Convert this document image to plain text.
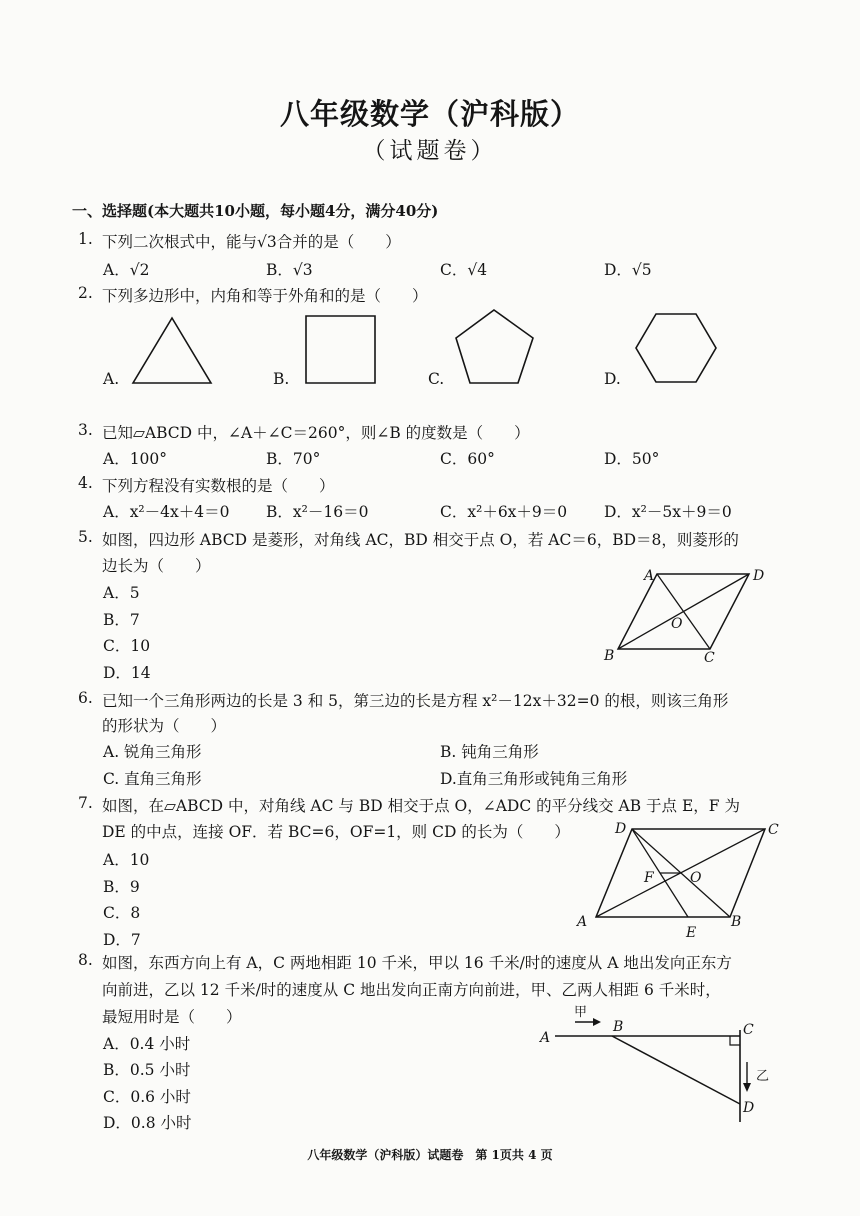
八年级数学（沪科版）
（试题卷）
一、选择题(本大题共10小题，每小题4分，满分40分)
1. 下列二次根式中，能与√3合并的是（　　）
A．√2	B．√3	C．√4	D．√5
2. 下列多边形中，内角和等于外角和的是（　　）
A.	B.	C.	D.
3. 已知▱ABCD 中，∠A＋∠C＝260°，则∠B 的度数是（　　）
A．100°	B．70°	C．60°	D．50°
4. 下列方程没有实数根的是（　　）
A．x²－4x＋4＝0 B．x²－16＝0	C．x²＋6x＋9＝0 D．x²－5x＋9＝0
5. 如图，四边形 ABCD 是菱形，对角线 AC，BD 相交于点 O，若 AC＝6，BD＝8，则菱形的
边长为（　　）
A．5
B．7
C．10
D．14
A	D
O
B	C
6. 已知一个三角形两边的长是 3 和 5，第三边的长是方程 x²－12x＋32=0 的根，则该三角形
的形状为（　　）
A. 锐角三角形	B. 钝角三角形
C. 直角三角形	D.直角三角形或钝角三角形
7. 如图，在▱ABCD 中，对角线 AC 与 BD 相交于点 O，∠ADC 的平分线交 AB 于点 E，F 为
DE 的中点，连接 OF．若 BC=6，OF=1，则 CD 的长为（　　）
A．10
B．9
C．8
D．7
D	C
F	O
A
E
B
8. 如图，东西方向上有 A，C 两地相距 10 千米，甲以 16 千米/时的速度从 A 地出发向正东方
向前进，乙以 12 千米/时的速度从 C 地出发向正南方向前进，甲、乙两人相距 6 千米时，
最短用时是（　　）
A．0.4 小时
B．0.5 小时
C．0.6 小时
D．0.8 小时
甲
B
A	C
乙
D
八年级数学（沪科版）试题卷　第 1页共 4 页
